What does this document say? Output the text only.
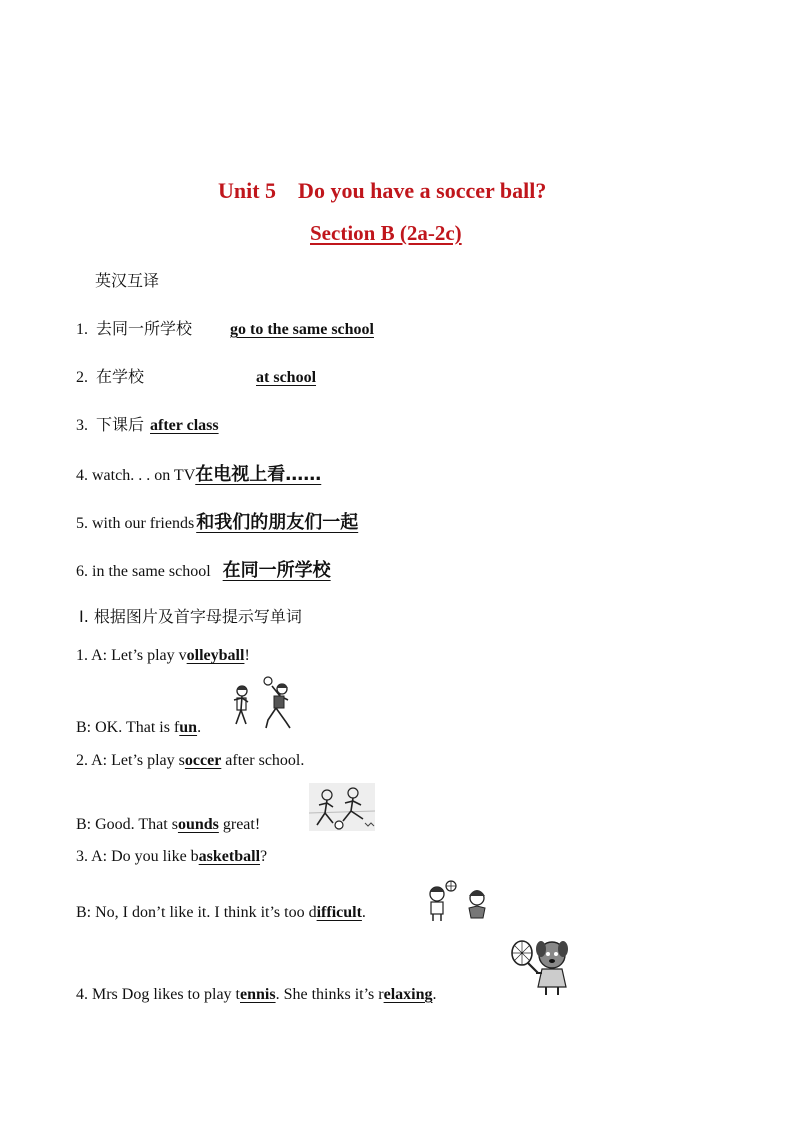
Unit 5    Do you have a soccer ball?
Section B (2a-2c)
英汉互译
1. 去同一所学校 go to the same school
2. 在学校	at school
3. 下课后 after class
4. watch. . . on TV在电视上看……
5. with our friends 和我们的朋友们一起
6. in the same school 在同一所学校
Ⅰ. 根据图片及首字母提示写单词
1. A: Let’s play volleyball!
B: OK. That is fun.
2. A: Let’s play soccer after school.
B: Good. That sounds great!
3. A: Do you like basketball?
B: No, I don’t like it. I think it’s too difficult.
4. Mrs Dog likes to play tennis. She thinks it’s relaxing.
